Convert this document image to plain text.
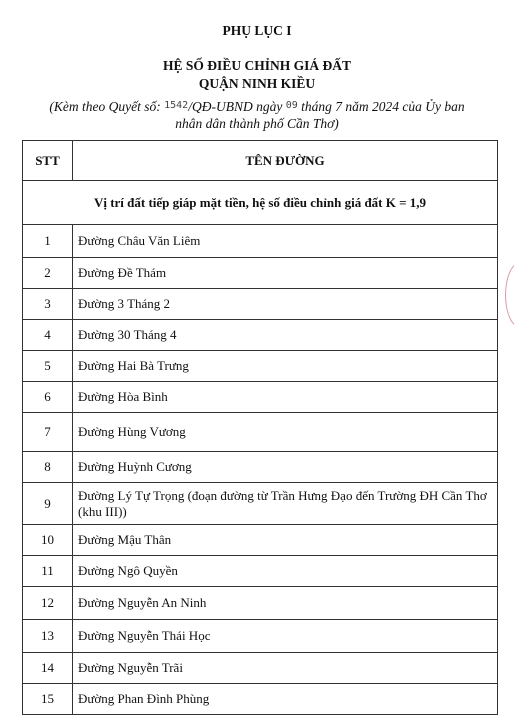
PHỤ LỤC I
HỆ SỐ ĐIỀU CHỈNH GIÁ ĐẤT
QUẬN NINH KIỀU
(Kèm theo Quyết số: $^{1542}$/QĐ-UBND ngày $^{09}$ tháng 7 năm 2024 của Ủy ban
nhân dân thành phố Cần Thơ)
STT	TÊN ĐƯỜNG
Vị trí đất tiếp giáp mặt tiền, hệ số điều chỉnh giá đất K = 1,9	
1	Đường Châu Văn Liêm
2	Đường Đề Thám
3	Đường 3 Tháng 2
4	Đường 30 Tháng 4
5	Đường Hai Bà Trưng
6	Đường Hòa Bình
7	Đường Hùng Vương
8	Đường Huỳnh Cương
9	Đường Lý Tự Trọng (đoạn đường từ Trần Hưng Đạo đến Trường ĐH Cần Thơ (khu III))
10	Đường Mậu Thân
11	Đường Ngô Quyền
12	Đường Nguyễn An Ninh
13	Đường Nguyễn Thái Học
14	Đường Nguyễn Trãi
15	Đường Phan Đình Phùng
